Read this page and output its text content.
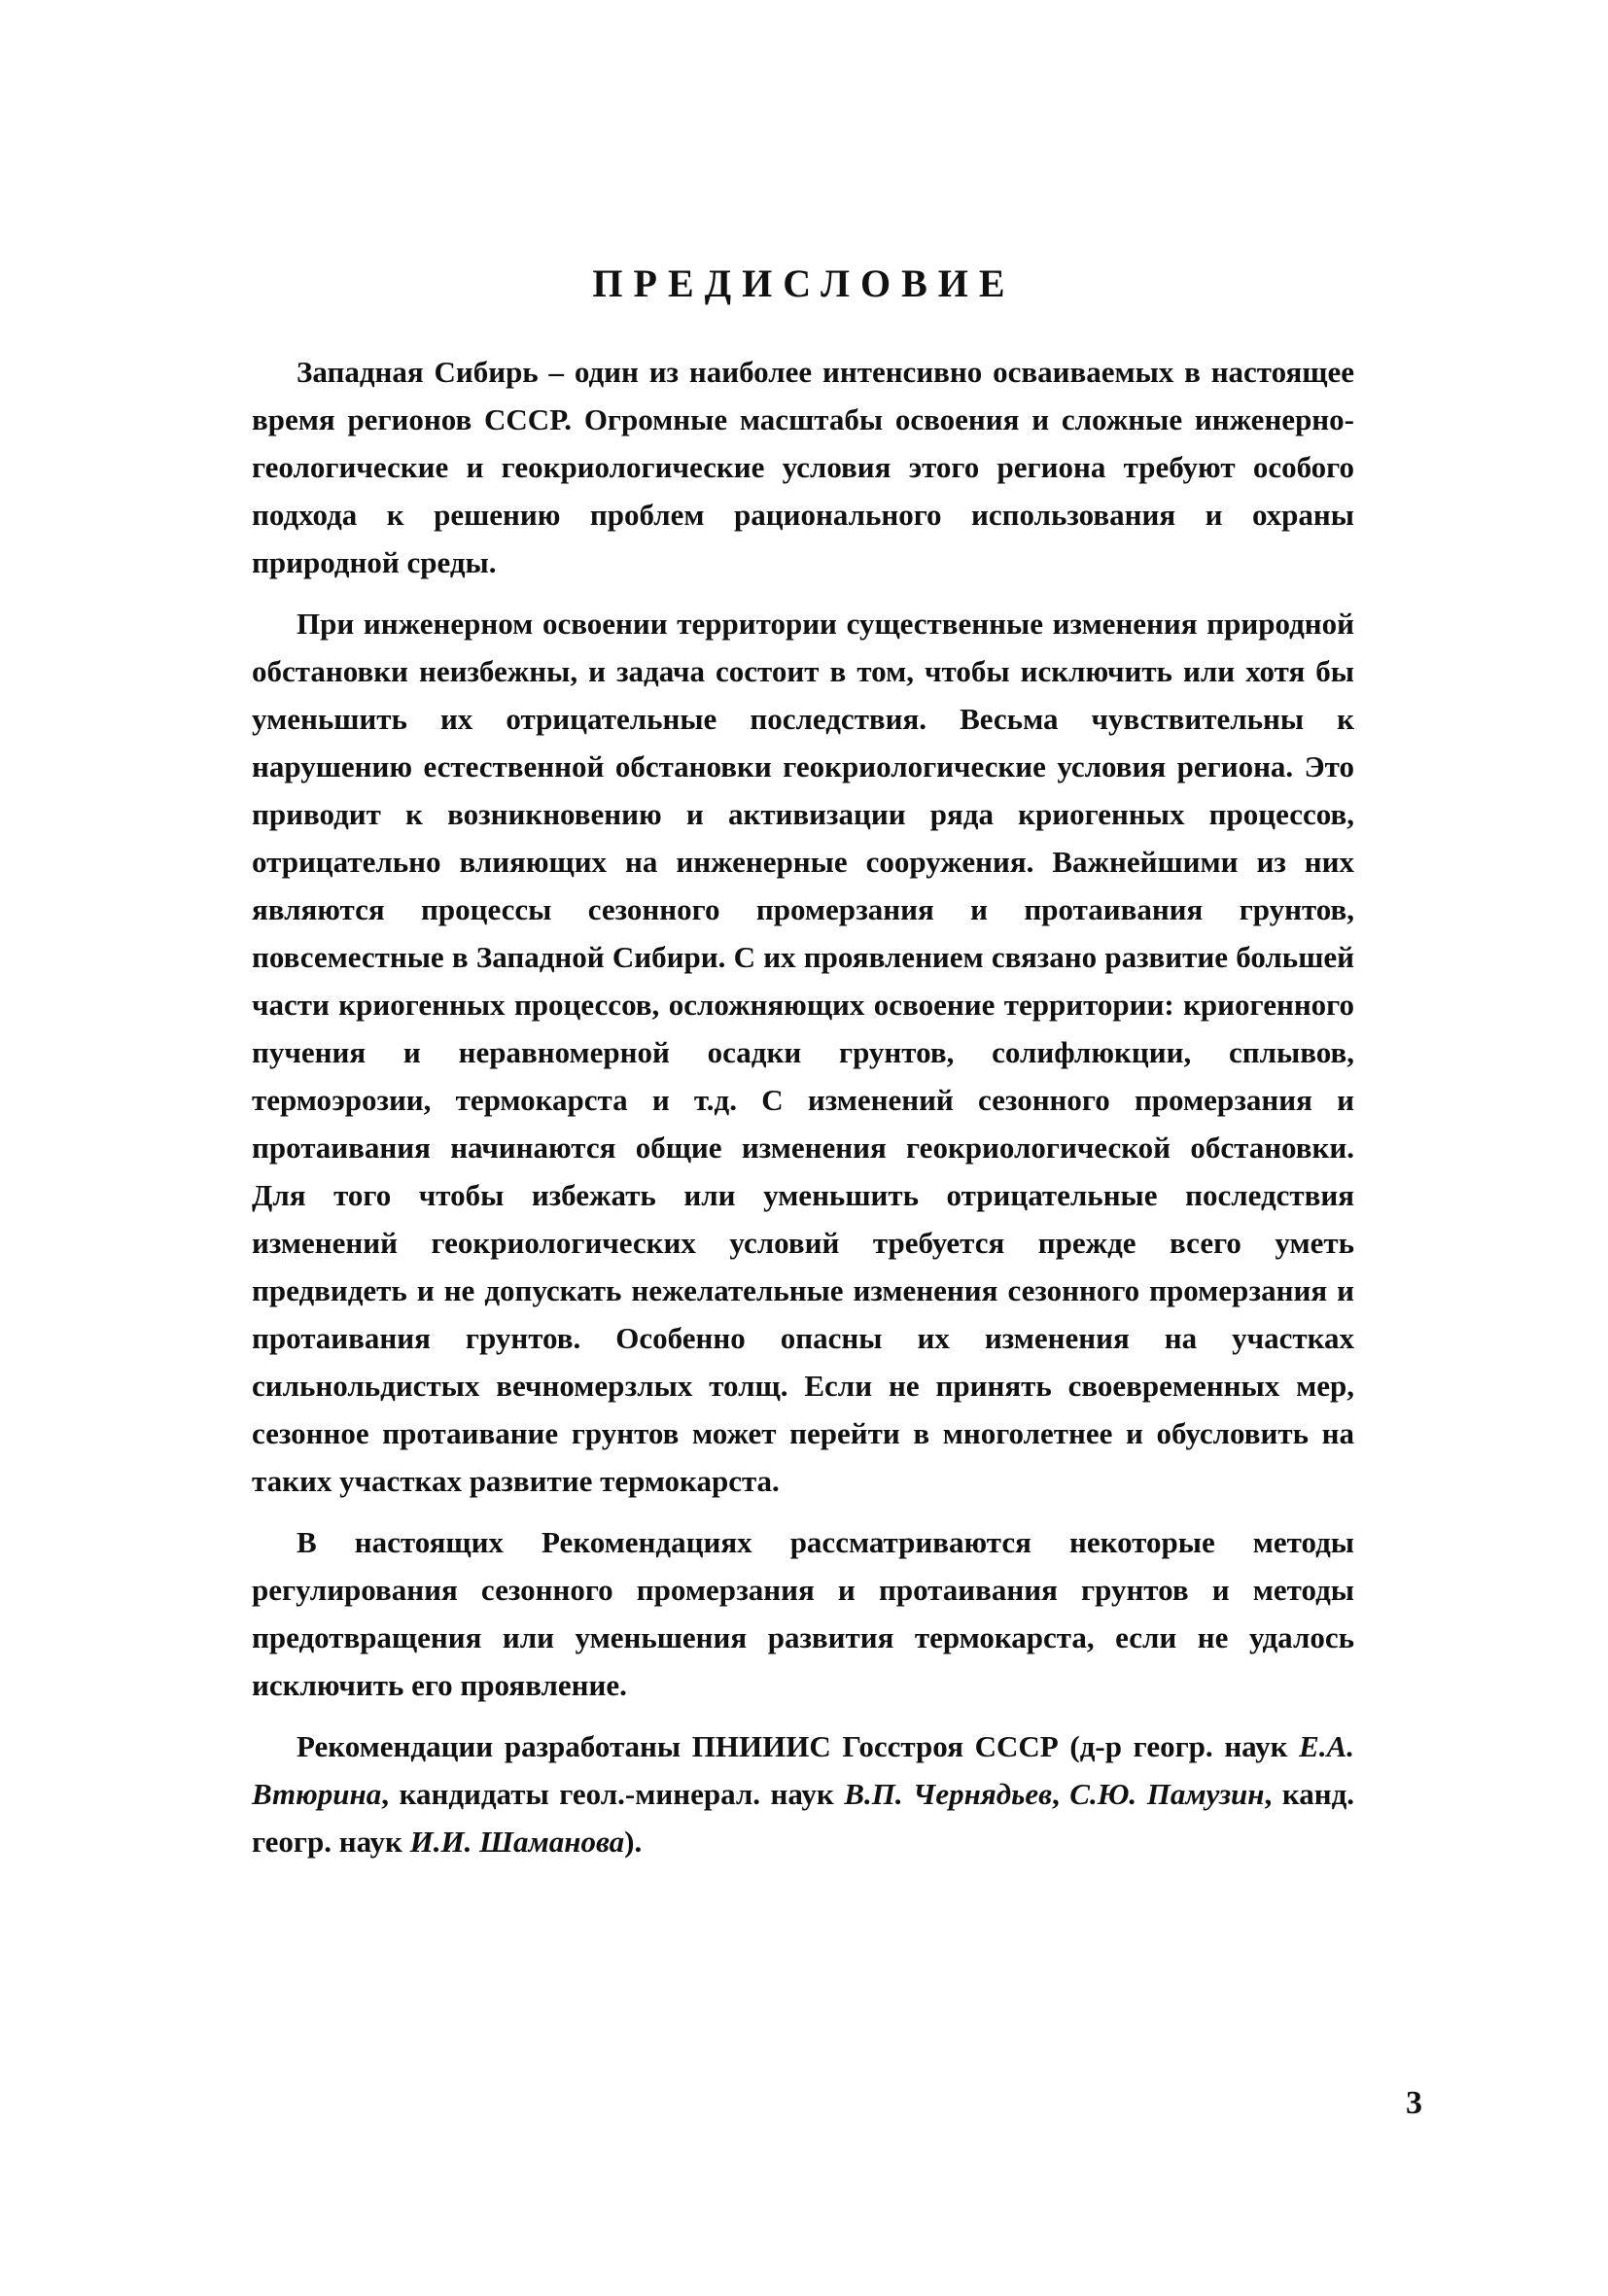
ПРЕДИСЛОВИЕ

Западная Сибирь – один из наиболее интенсивно осваиваемых в настоящее время регионов СССР. Огромные масштабы освоения и сложные инженерно-геологические и геокриологические условия этого региона требуют особого подхода к решению проблем рационального использования и охраны природной среды.

При инженерном освоении территории существенные изменения природной обстановки неизбежны, и задача состоит в том, чтобы исключить или хотя бы уменьшить их отрицательные последствия. Весьма чувствительны к нарушению естественной обстановки геокриологические условия региона. Это приводит к возникновению и активизации ряда криогенных процессов, отрицательно влияющих на инженерные сооружения. Важнейшими из них являются процессы сезонного промерзания и протаивания грунтов, повсеместные в Западной Сибири. С их проявлением связано развитие большей части криогенных процессов, осложняющих освоение территории: криогенного пучения и неравномерной осадки грунтов, солифлюкции, сплывов, термоэрозии, термокарста и т.д. С изменений сезонного промерзания и протаивания начинаются общие изменения геокриологической обстановки. Для того чтобы избежать или уменьшить отрицательные последствия изменений геокриологических условий требуется прежде всего уметь предвидеть и не допускать нежелательные изменения сезонного промерзания и протаивания грунтов. Особенно опасны их изменения на участках сильнольдистых вечномерзлых толщ. Если не принять своевременных мер, сезонное протаивание грунтов может перейти в многолетнее и обусловить на таких участках развитие термокарста.

В настоящих Рекомендациях рассматриваются некоторые методы регулирования сезонного промерзания и протаивания грунтов и методы предотвращения или уменьшения развития термокарста, если не удалось исключить его проявление.

Рекомендации разработаны ПНИИИС Госстроя СССР (д-р геогр. наук Е.А. Втюрина, кандидаты геол.-минерал. наук В.П. Чернядьев, С.Ю. Памузин, канд. геогр. наук И.И. Шаманова).

3
